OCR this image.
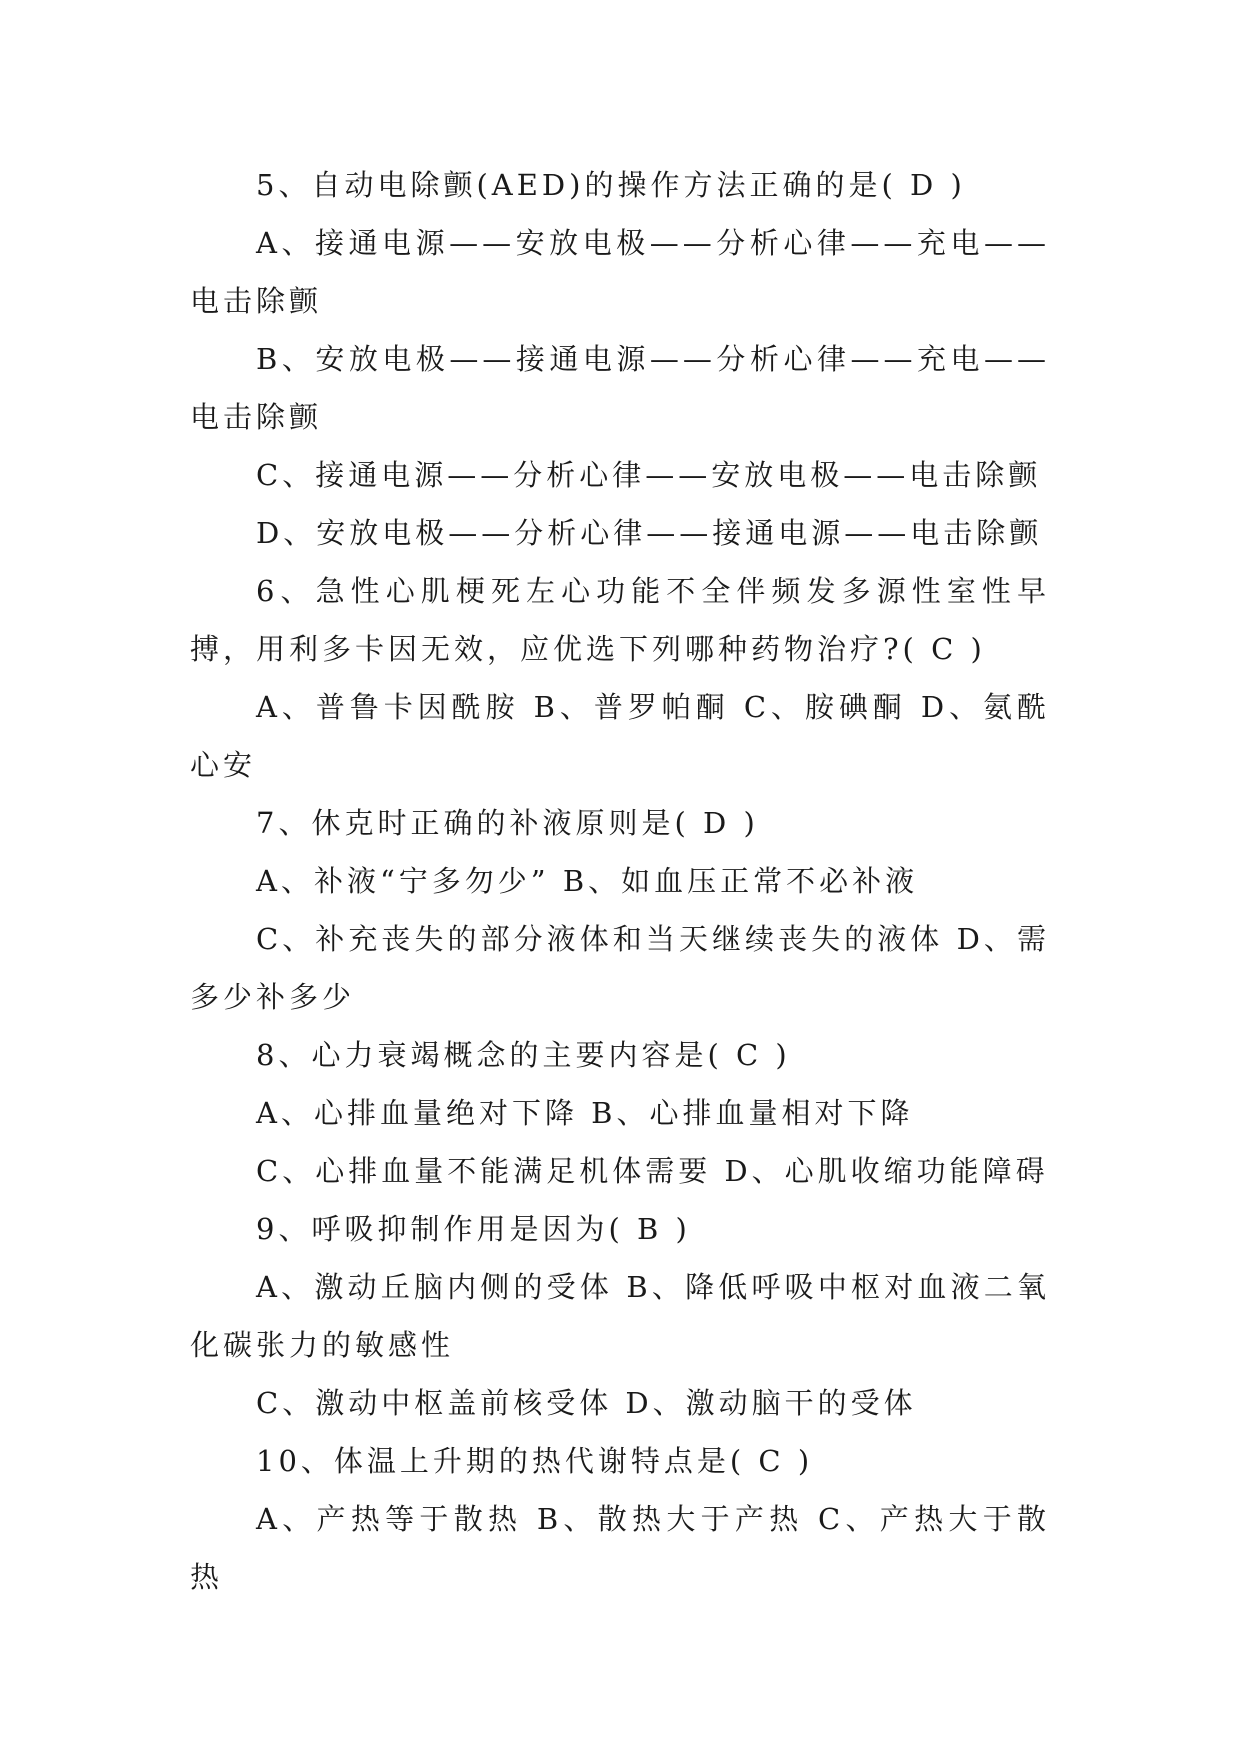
5、自动电除颤(AED)的操作方法正确的是( D )

A、接通电源——安放电极——分析心律——充电——电击除颤

B、安放电极——接通电源——分析心律——充电——电击除颤

C、接通电源——分析心律——安放电极——电击除颤

D、安放电极——分析心律——接通电源——电击除颤

6、急性心肌梗死左心功能不全伴频发多源性室性早搏，用利多卡因无效，应优选下列哪种药物治疗?( C )

A、普鲁卡因酰胺 B、普罗帕酮 C、胺碘酮 D、氨酰心安

7、休克时正确的补液原则是( D )

A、补液“宁多勿少” B、如血压正常不必补液

C、补充丧失的部分液体和当天继续丧失的液体 D、需多少补多少

8、心力衰竭概念的主要内容是( C )

A、心排血量绝对下降 B、心排血量相对下降

C、心排血量不能满足机体需要 D、心肌收缩功能障碍

9、呼吸抑制作用是因为( B )

A、激动丘脑内侧的受体 B、降低呼吸中枢对血液二氧化碳张力的敏感性

C、激动中枢盖前核受体 D、激动脑干的受体

10、体温上升期的热代谢特点是( C )

A、产热等于散热 B、散热大于产热 C、产热大于散热
